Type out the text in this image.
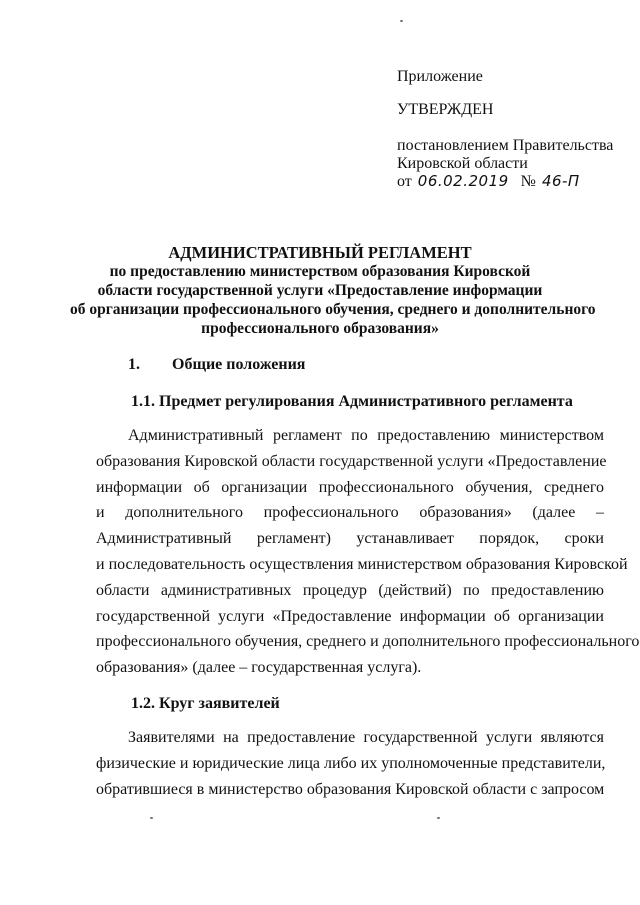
Приложение
УТВЕРЖДЕН
постановлением Правительства
Кировской области
от 06.02.2019 № 46-П
АДМИНИСТРАТИВНЫЙ РЕГЛАМЕНТ
по предоставлению министерством образования Кировской
области государственной услуги «Предоставление информации
об организации профессионального обучения, среднего и дополнительного
профессионального образования»
1. Общие положения
1.1. Предмет регулирования Административного регламента
Административный регламент по предоставлению министерством
образования Кировской области государственной услуги «Предоставление
информации об организации профессионального обучения, среднего
и дополнительного профессионального образования» (далее –
Административный регламент) устанавливает порядок, сроки
и последовательность осуществления министерством образования Кировской
области административных процедур (действий) по предоставлению
государственной услуги «Предоставление информации об организации
профессионального обучения, среднего и дополнительного профессионального
образования» (далее – государственная услуга).
1.2. Круг заявителей
Заявителями на предоставление государственной услуги являются
физические и юридические лица либо их уполномоченные представители,
обратившиеся в министерство образования Кировской области с запросом
